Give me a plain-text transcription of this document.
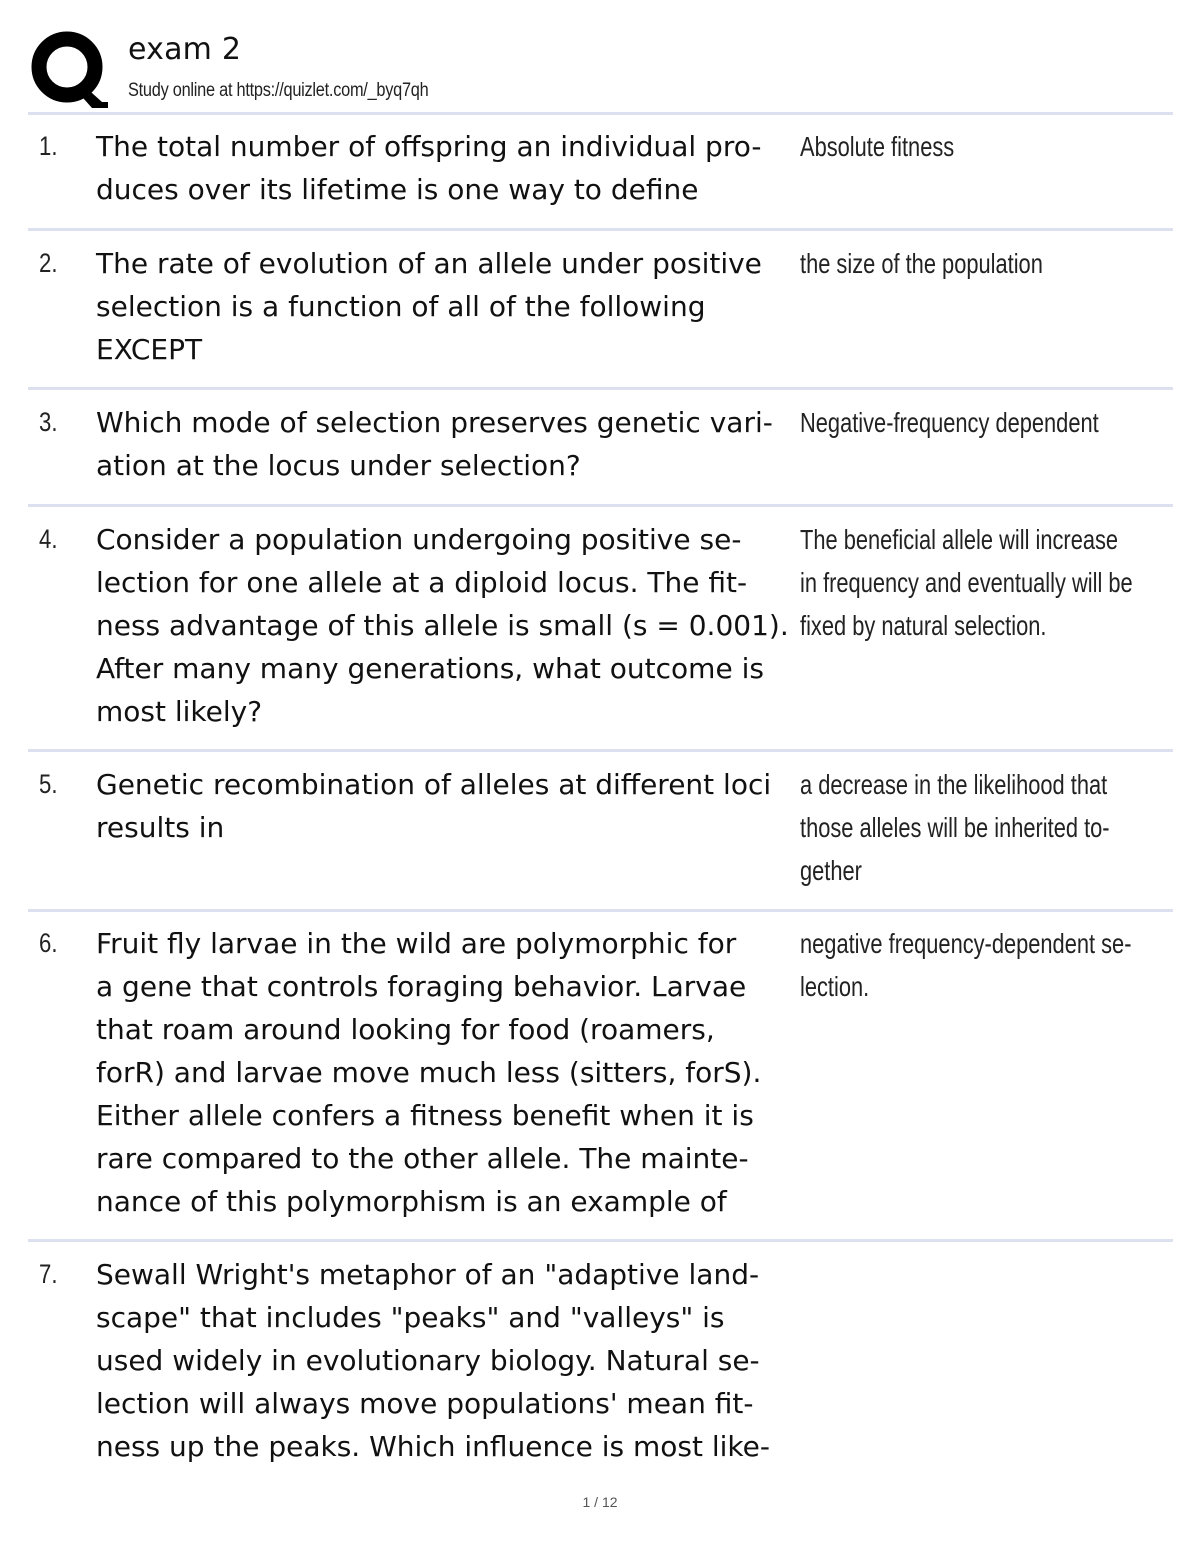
exam 2
Study online at https://quizlet.com/_byq7qh
1. The total number of offspring an individual pro-
duces over its lifetime is one way to define
Absolute fitness
2. The rate of evolution of an allele under positive
selection is a function of all of the following
EXCEPT
the size of the population
3. Which mode of selection preserves genetic vari-
ation at the locus under selection?
Negative-frequency dependent
4. Consider a population undergoing positive se-
lection for one allele at a diploid locus. The fit-
ness advantage of this allele is small (s = 0.001).
After many many generations, what outcome is
most likely?
The beneficial allele will increase
in frequency and eventually will be
fixed by natural selection.
5. Genetic recombination of alleles at different loci
results in
a decrease in the likelihood that
those alleles will be inherited to-
gether
6. Fruit fly larvae in the wild are polymorphic for
a gene that controls foraging behavior. Larvae
that roam around looking for food (roamers,
forR) and larvae move much less (sitters, forS).
Either allele confers a fitness benefit when it is
rare compared to the other allele. The mainte-
nance of this polymorphism is an example of
negative frequency-dependent se-
lection.
7. Sewall Wright's metaphor of an "adaptive land-
scape" that includes "peaks" and "valleys" is
used widely in evolutionary biology. Natural se-
lection will always move populations' mean fit-
ness up the peaks. Which influence is most like-
1 / 12
